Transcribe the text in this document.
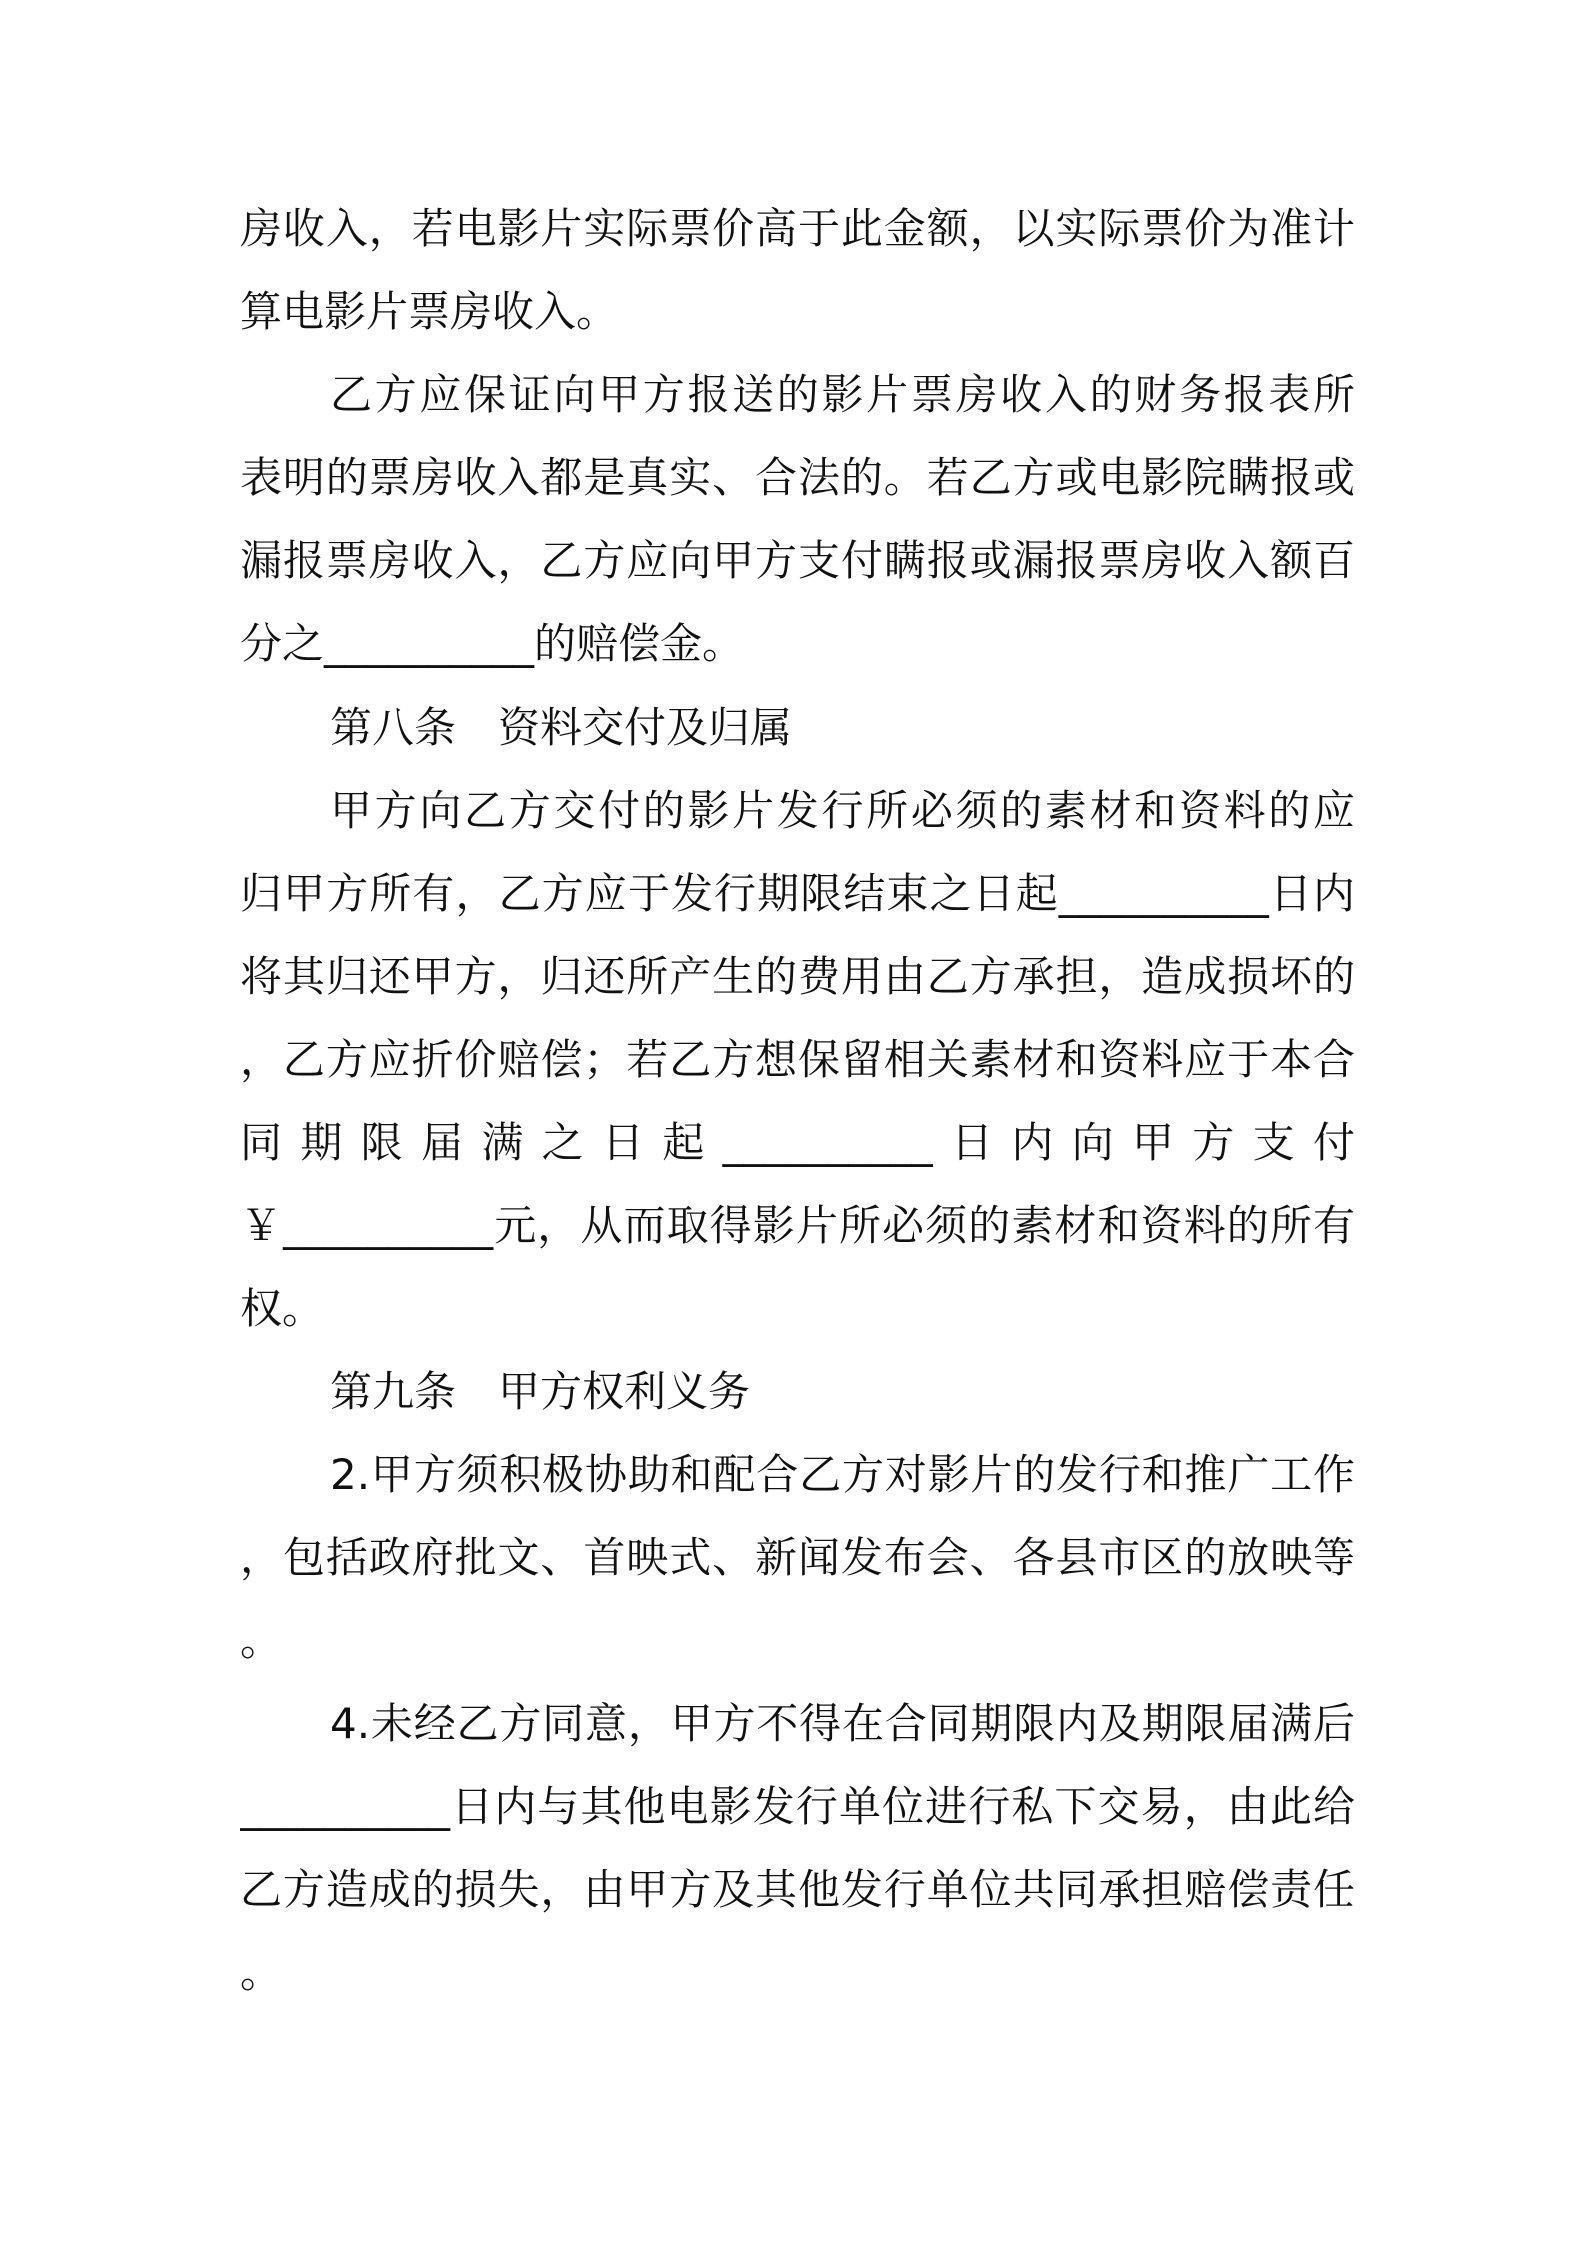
房收入，若电影片实际票价高于此金额，以实际票价为准计
算电影片票房收入。
乙方应保证向甲方报送的影片票房收入的财务报表所
表明的票房收入都是真实、合法的。若乙方或电影院瞒报或
漏报票房收入，乙方应向甲方支付瞒报或漏报票房收入额百
分之__________的赔偿金。
第八条　资料交付及归属
甲方向乙方交付的影片发行所必须的素材和资料的应
归甲方所有，乙方应于发行期限结束之日起__________日内
将其归还甲方，归还所产生的费用由乙方承担，造成损坏的
，乙方应折价赔偿；若乙方想保留相关素材和资料应于本合
同期限届满之日起__________日内向甲方支付
￥__________元，从而取得影片所必须的素材和资料的所有
权。
第九条　甲方权利义务
2.甲方须积极协助和配合乙方对影片的发行和推广工作
，包括政府批文、首映式、新闻发布会、各县市区的放映等
。
4.未经乙方同意，甲方不得在合同期限内及期限届满后
__________日内与其他电影发行单位进行私下交易，由此给
乙方造成的损失，由甲方及其他发行单位共同承担赔偿责任
。
